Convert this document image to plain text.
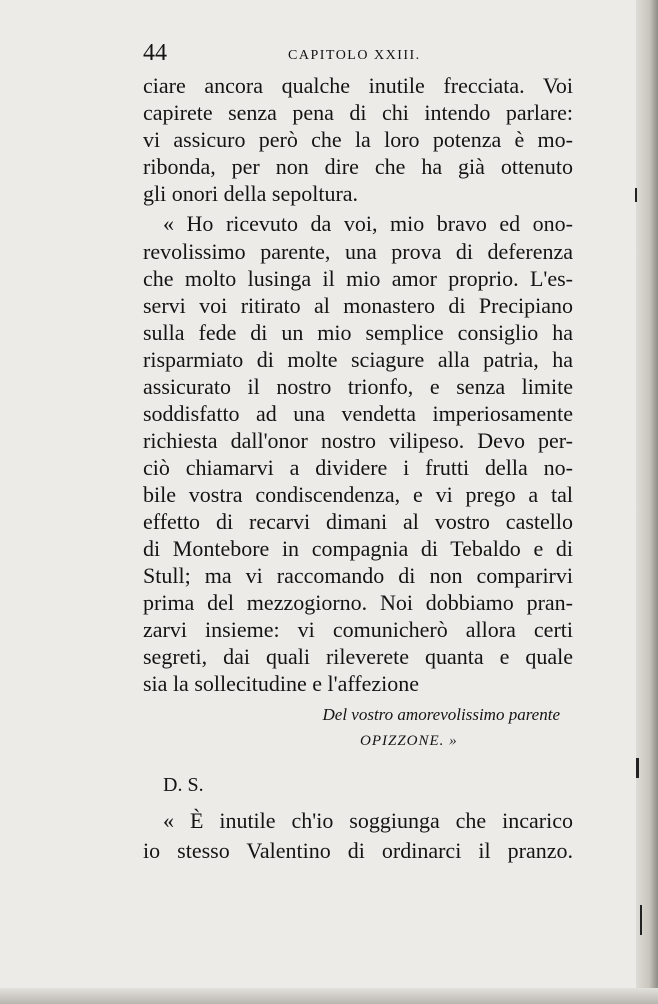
44	CAPITOLO XXIII.
ciare ancora qualche inutile frecciata. Voi
capirete senza pena di chi intendo parlare:
vi assicuro però che la loro potenza è mo-
ribonda, per non dire che ha già ottenuto
gli onori della sepoltura.
« Ho ricevuto da voi, mio bravo ed ono-
revolissimo parente, una prova di deferenza
che molto lusinga il mio amor proprio. L'es-
servi voi ritirato al monastero di Precipiano
sulla fede di un mio semplice consiglio ha
risparmiato di molte sciagure alla patria, ha
assicurato il nostro trionfo, e senza limite
soddisfatto ad una vendetta imperiosamente
richiesta dall'onor nostro vilipeso. Devo per-
ciò chiamarvi a dividere i frutti della no-
bile vostra condiscendenza, e vi prego a tal
effetto di recarvi dimani al vostro castello
di Montebore in compagnia di Tebaldo e di
Stull; ma vi raccomando di non comparirvi
prima del mezzogiorno. Noi dobbiamo pran-
zarvi insieme: vi comunicherò allora certi
segreti, dai quali rileverete quanta e quale
sia la sollecitudine e l'affezione
Del vostro amorevolissimo parente
OPIZZONE. »
D. S.
« È inutile ch'io soggiunga che incarico
io stesso Valentino di ordinarci il pranzo.
